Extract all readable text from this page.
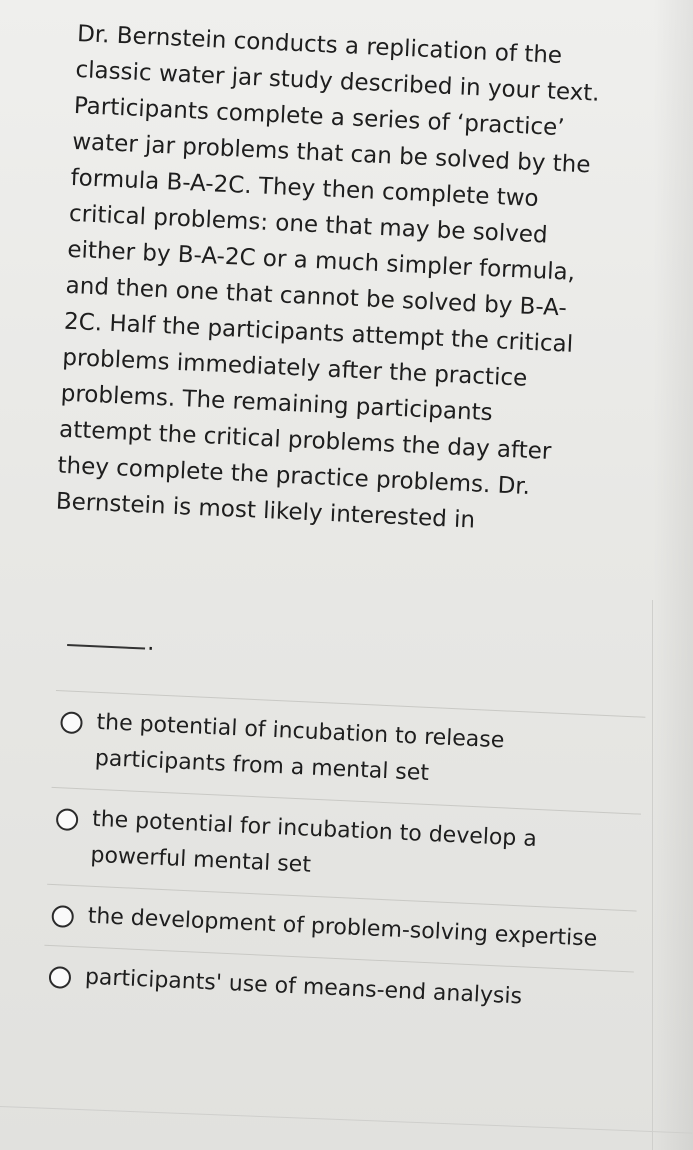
Dr. Bernstein conducts a replication of the

classic water jar study described in your text.

Participants complete a series of ‘practice’

water jar problems that can be solved by the

formula B-A-2C. They then complete two

critical problems: one that may be solved

either by B-A-2C or a much simpler formula,

and then one that cannot be solved by B-A-

2C. Half the participants attempt the critical

problems immediately after the practice

problems. The remaining participants

attempt the critical problems the day after

they complete the practice problems. Dr.

Bernstein is most likely interested in

.
the potential of incubation to release participants from a mental set
the potential for incubation to develop a powerful mental set
the development of problem-solving expertise
participants' use of means-end analysis
